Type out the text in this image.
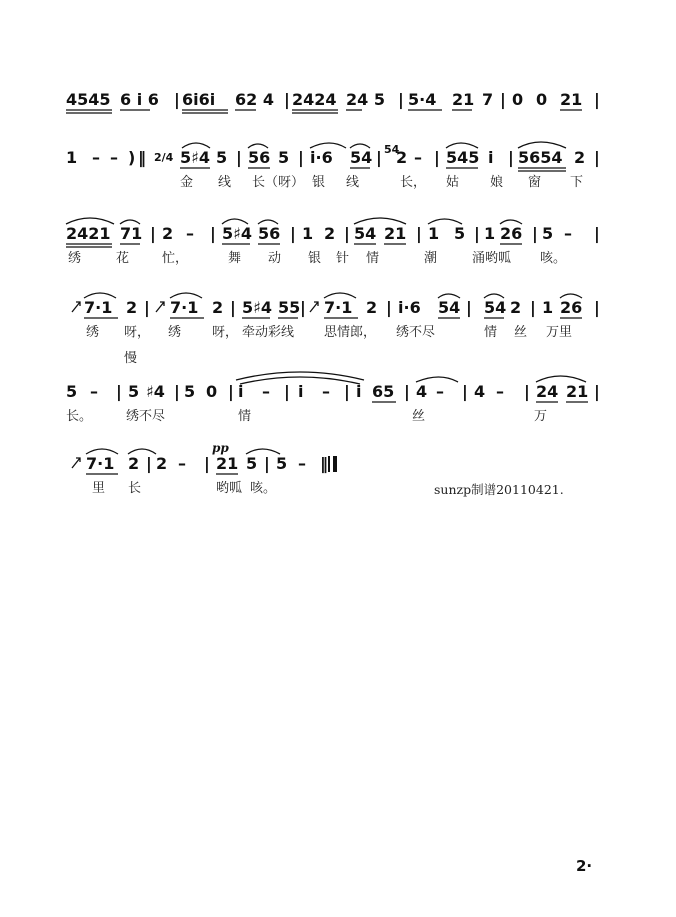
4545 6 i 6 | 6i6i 62 4 | 2424 24 5 | 5·4 21 7 | 0 0 21 |
1 – – ) ‖ 2/4 5♯4 5 | 56 5 | i·6 54 | 54
2 – | 545 i | 5654 2 |
金 线 长（呀） 银 线	长， 姑 娘 窗 下
2421 71 | 2 – | 5♯4 56 | 1 2 | 54 21 | 1 5 | 1 26 | 5 – |
绣	花	忙，	舞 动 银 针 情	潮	涌哟呱 咳。
7·1 2 | 7·1 2 | 5♯4 55 | 7·1 2 | i·6 54 | 54 2 | 1 26 |
绣 呀， 绣 呀， 牵动彩线 思情郎， 绣不尽	情 丝 万里
慢
5 – | 5 ♯4 | 5 0 | i – | i – | i 65 | 4 – | 4 – | 24 21 |
长。	绣不尽	情	丝	万
7·1 2 | 2 – | 21 5 | 5 – ‖
pp
里 长	哟呱 咳。	sunzp制谱20110421.
2·
